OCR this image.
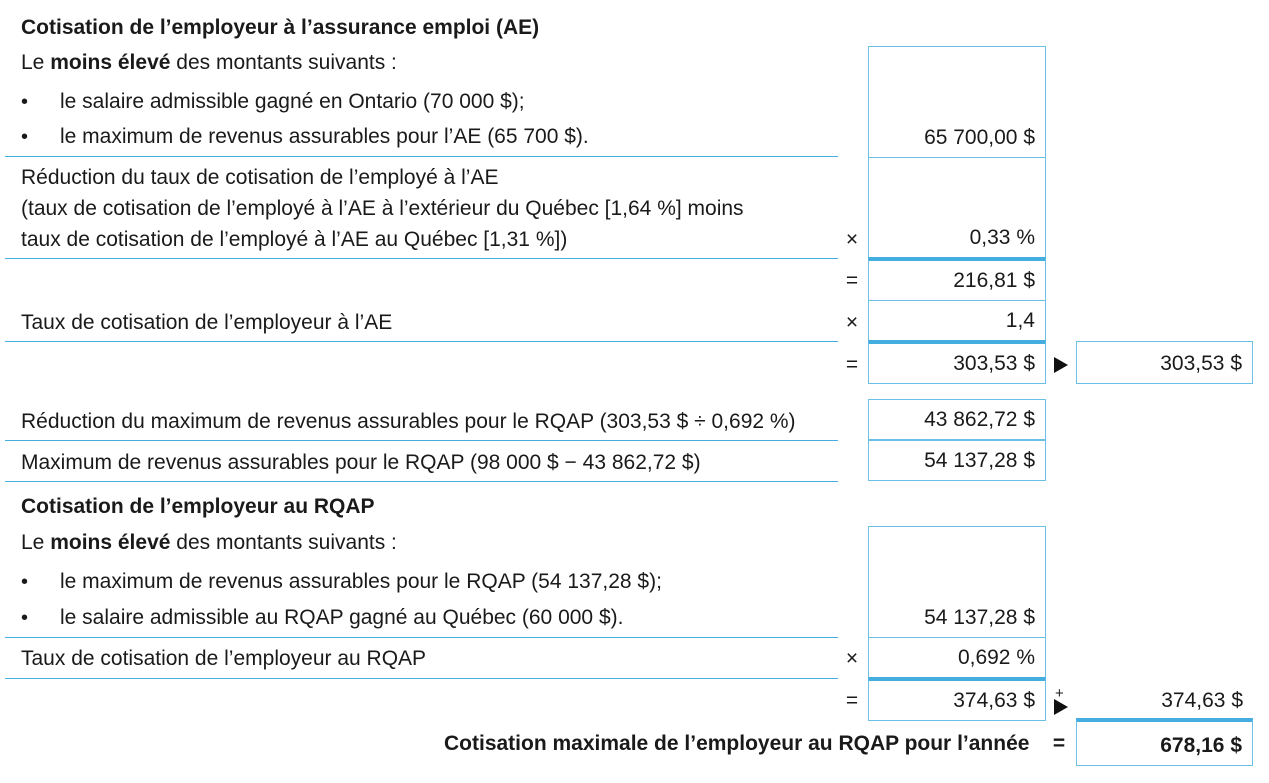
Cotisation de l’employeur à l’assurance emploi (AE)
Le moins élevé des montants suivants :
• le salaire admissible gagné en Ontario (70 000 $);
• le maximum de revenus assurables pour l’AE (65 700 $).	65 700,00 $
Réduction du taux de cotisation de l’employé à l’AE
(taux de cotisation de l’employé à l’AE à l’extérieur du Québec [1,64 %] moins
taux de cotisation de l’employé à l’AE au Québec [1,31 %])	×	0,33 %
=	216,81 $
Taux de cotisation de l’employeur à l’AE	×	1,4
=	303,53 $	303,53 $
Réduction du maximum de revenus assurables pour le RQAP (303,53 $ ÷ 0,692 %)	43 862,72 $
Maximum de revenus assurables pour le RQAP (98 000 $ − 43 862,72 $)	54 137,28 $
Cotisation de l’employeur au RQAP
Le moins élevé des montants suivants :
• le maximum de revenus assurables pour le RQAP (54 137,28 $);
• le salaire admissible au RQAP gagné au Québec (60 000 $).	54 137,28 $
Taux de cotisation de l’employeur au RQAP	×	0,692 %
=	374,63 $ +	374,63 $
Cotisation maximale de l’employeur au RQAP pour l’année =	678,16 $
